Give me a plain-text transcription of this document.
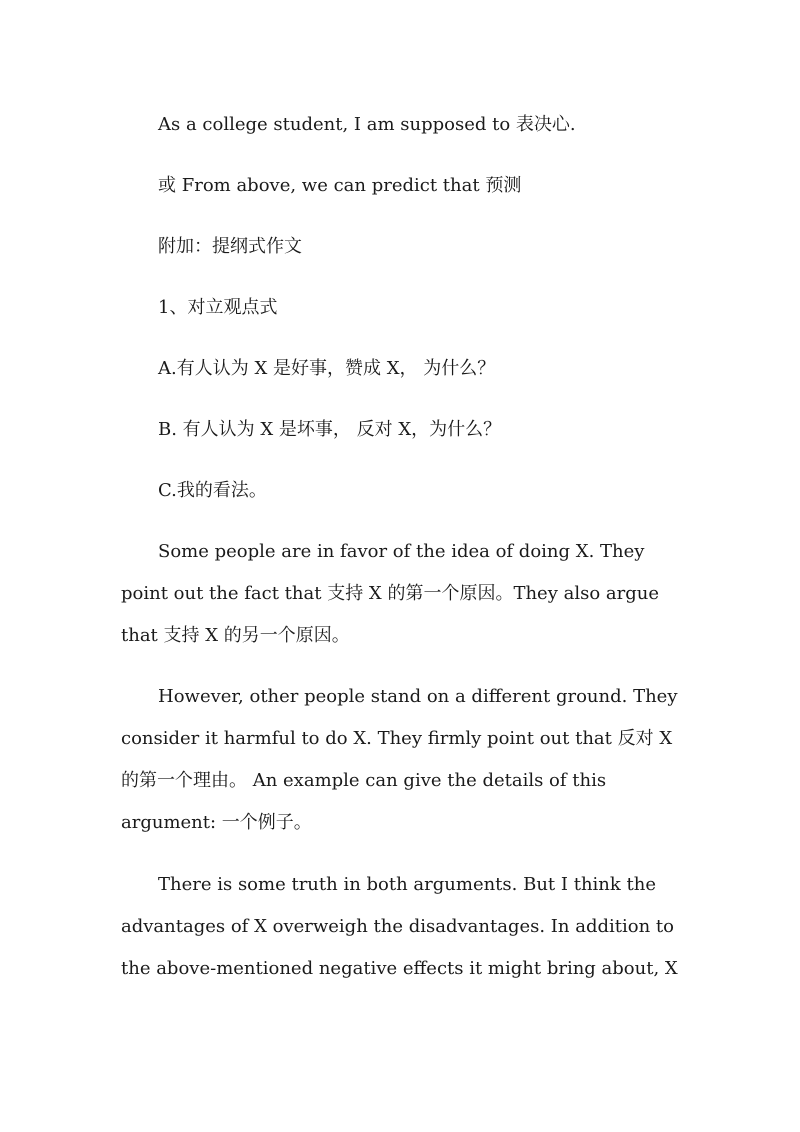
As a college student, I am supposed to 表决心.

或 From above, we can predict that 预测

附加：提纲式作文

1、对立观点式

A.有人认为 X 是好事，赞成 X， 为什么？

B. 有人认为 X 是坏事， 反对 X，为什么？

C.我的看法。

Some people are in favor of the idea of doing X. They point out the fact that 支持 X 的第一个原因。They also argue that 支持 X 的另一个原因。

However, other people stand on a different ground. They consider it harmful to do X. They firmly point out that 反对 X 的第一个理由。 An example can give the details of this argument: 一个例子。

There is some truth in both arguments. But I think the advantages of X overweigh the disadvantages. In addition to the above-mentioned negative effects it might bring about, X
